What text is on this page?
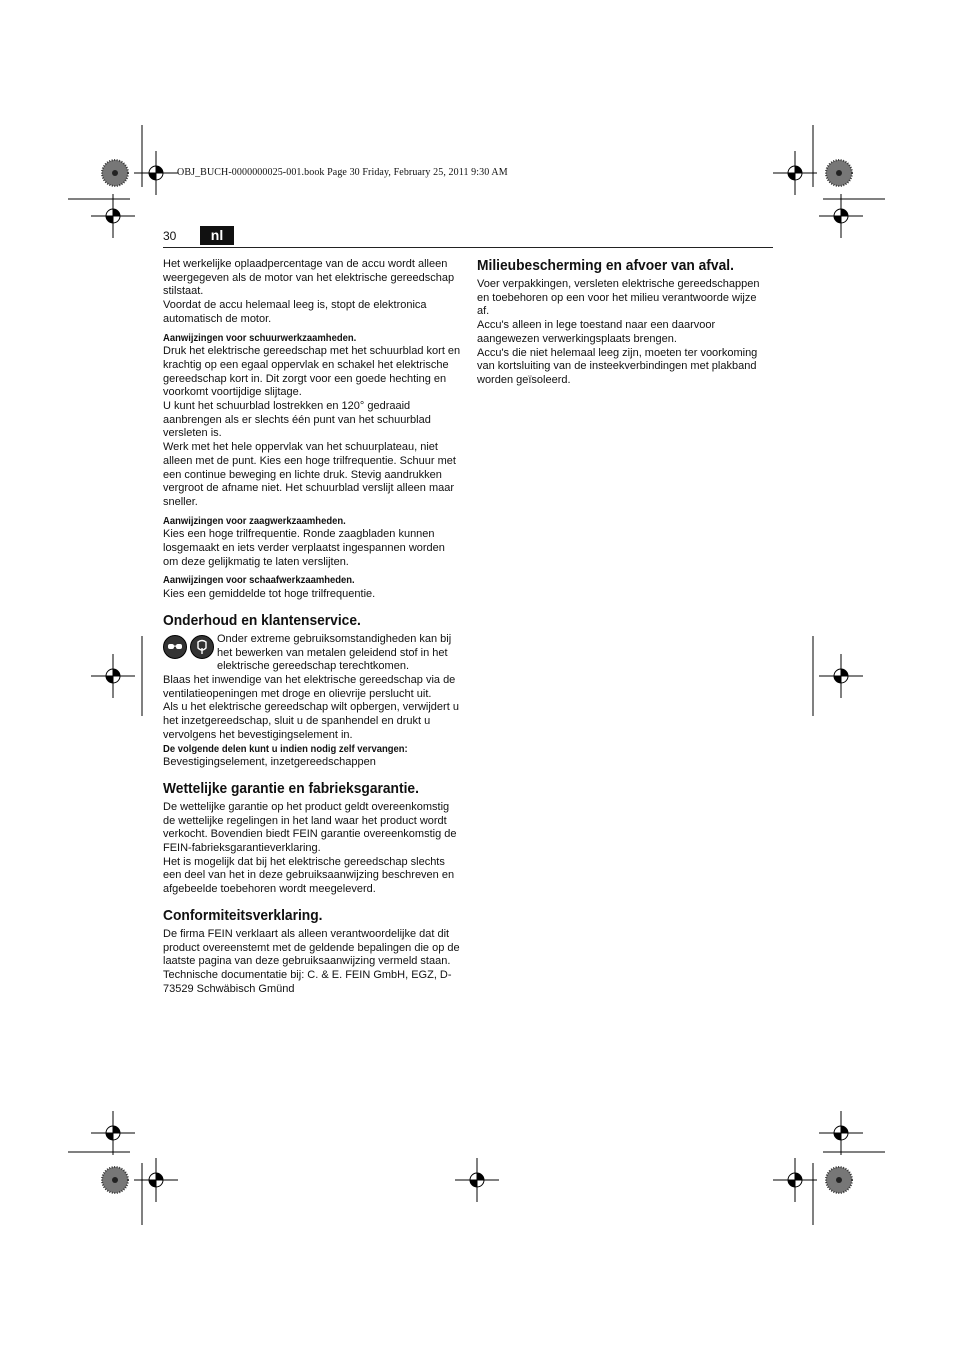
OBJ_BUCH-0000000025-001.book Page 30 Friday, February 25, 2011 9:30 AM
30	nl

Het werkelijke oplaadpercentage van de accu wordt alleen weergegeven als de motor van het elektrische gereedschap stilstaat.

Voordat de accu helemaal leeg is, stopt de elektronica automatisch de motor.

Aanwijzingen voor schuurwerkzaamheden.

Druk het elektrische gereedschap met het schuurblad kort en krachtig op een egaal oppervlak en schakel het elektrische gereedschap kort in. Dit zorgt voor een goede hechting en voorkomt voortijdige slijtage.

U kunt het schuurblad lostrekken en 120° gedraaid aanbrengen als er slechts één punt van het schuurblad versleten is.

Werk met het hele oppervlak van het schuurplateau, niet alleen met de punt. Kies een hoge trilfrequentie. Schuur met een continue beweging en lichte druk. Stevig aandrukken vergroot de afname niet. Het schuurblad verslijt alleen maar sneller.

Aanwijzingen voor zaagwerkzaamheden.

Kies een hoge trilfrequentie. Ronde zaagbladen kunnen losgemaakt en iets verder verplaatst ingespannen worden om deze gelijkmatig te laten verslijten.

Aanwijzingen voor schaafwerkzaamheden.

Kies een gemiddelde tot hoge trilfrequentie.

Onderhoud en klantenservice.

Onder extreme gebruiksomstandigheden kan bij het bewerken van metalen geleidend stof in het elektrische gereedschap terechtkomen.

Blaas het inwendige van het elektrische gereedschap via de ventilatieopeningen met droge en olievrije perslucht uit.

Als u het elektrische gereedschap wilt opbergen, verwijdert u het inzetgereedschap, sluit u de spanhendel en drukt u vervolgens het bevestigingselement in.

De volgende delen kunt u indien nodig zelf vervangen:

Bevestigingselement, inzetgereedschappen

Wettelijke garantie en fabrieksgarantie.

De wettelijke garantie op het product geldt overeenkomstig de wettelijke regelingen in het land waar het product wordt verkocht. Bovendien biedt FEIN garantie overeenkomstig de FEIN-fabrieksgarantieverklaring.

Het is mogelijk dat bij het elektrische gereedschap slechts een deel van het in deze gebruiksaanwijzing beschreven en afgebeelde toebehoren wordt meegeleverd.

Conformiteitsverklaring.

De firma FEIN verklaart als alleen verantwoordelijke dat dit product overeenstemt met de geldende bepalingen die op de laatste pagina van deze gebruiksaanwijzing vermeld staan.

Technische documentatie bij: C. & E. FEIN GmbH, EGZ, D-73529 Schwäbisch Gmünd

Milieubescherming en afvoer van afval.

Voer verpakkingen, versleten elektrische gereedschappen en toebehoren op een voor het milieu verantwoorde wijze af.

Accu's alleen in lege toestand naar een daarvoor aangewezen verwerkingsplaats brengen.

Accu's die niet helemaal leeg zijn, moeten ter voorkoming van kortsluiting van de insteekverbindingen met plakband worden geïsoleerd.
